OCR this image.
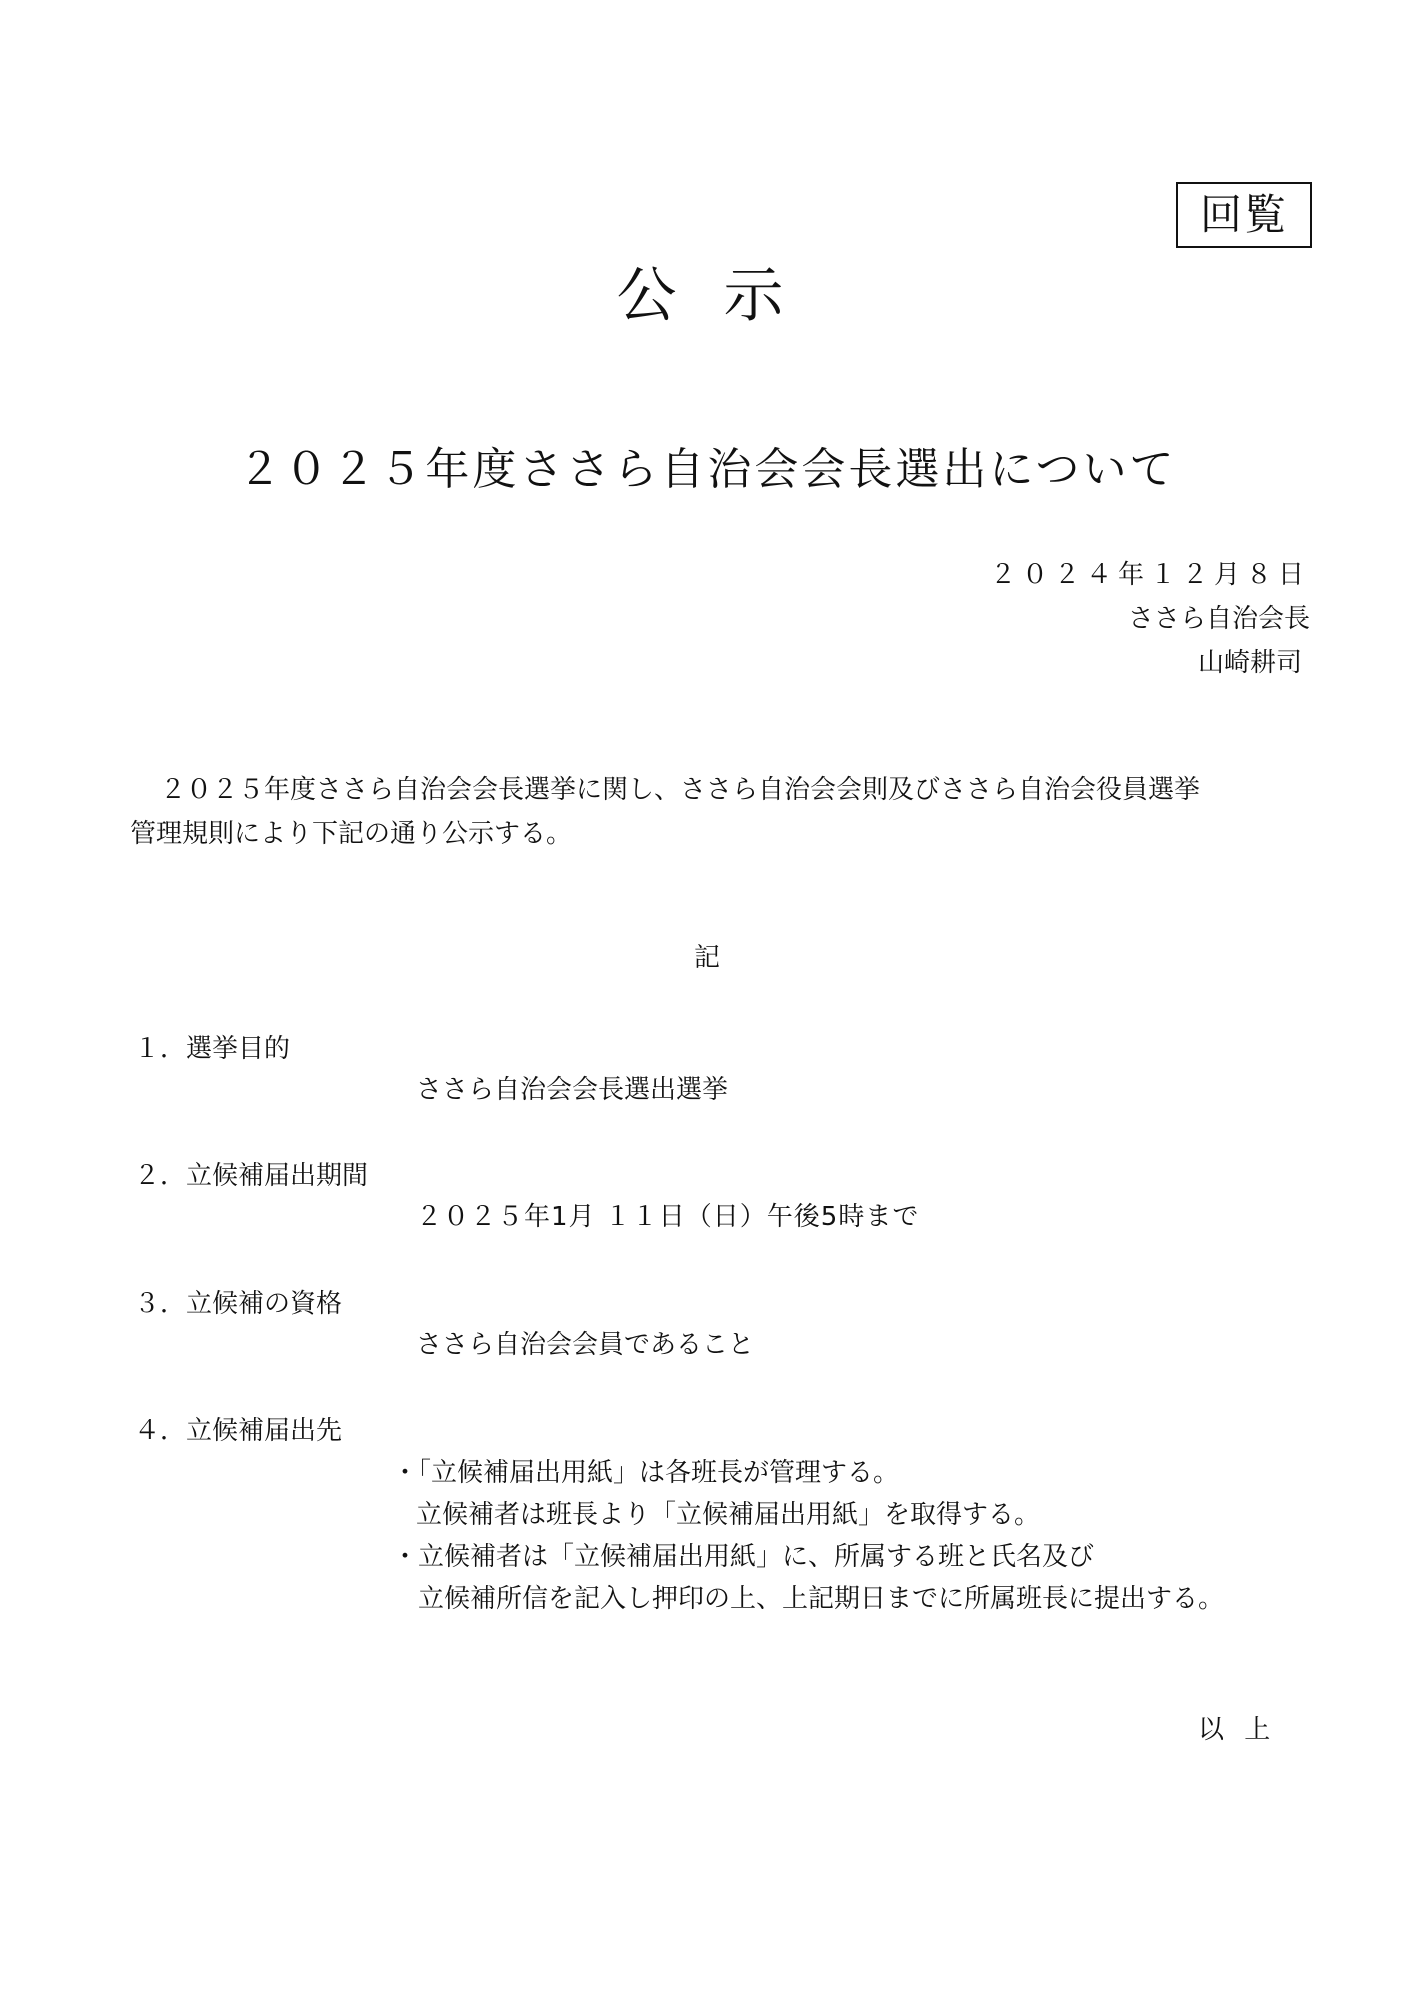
回覧
公 示
２０２５年度ささら自治会会長選出について
２０２４年１２月８日
ささら自治会長
山崎耕司

２０２５年度ささら自治会会長選挙に関し、ささら自治会会則及びささら自治会役員選挙

管理規則により下記の通り公示する。

記
１．選挙目的
ささら自治会会長選出選挙
２．立候補届出期間
２０２５年1月 １１日（日）午後5時まで
３．立候補の資格
ささら自治会会員であること
４．立候補届出先
・「立候補届出用紙」は各班長が管理する。
立候補者は班長より「立候補届出用紙」を取得する。
・立候補者は「立候補届出用紙」に、所属する班と氏名及び
立候補所信を記入し押印の上、上記期日までに所属班長に提出する。
以 上
